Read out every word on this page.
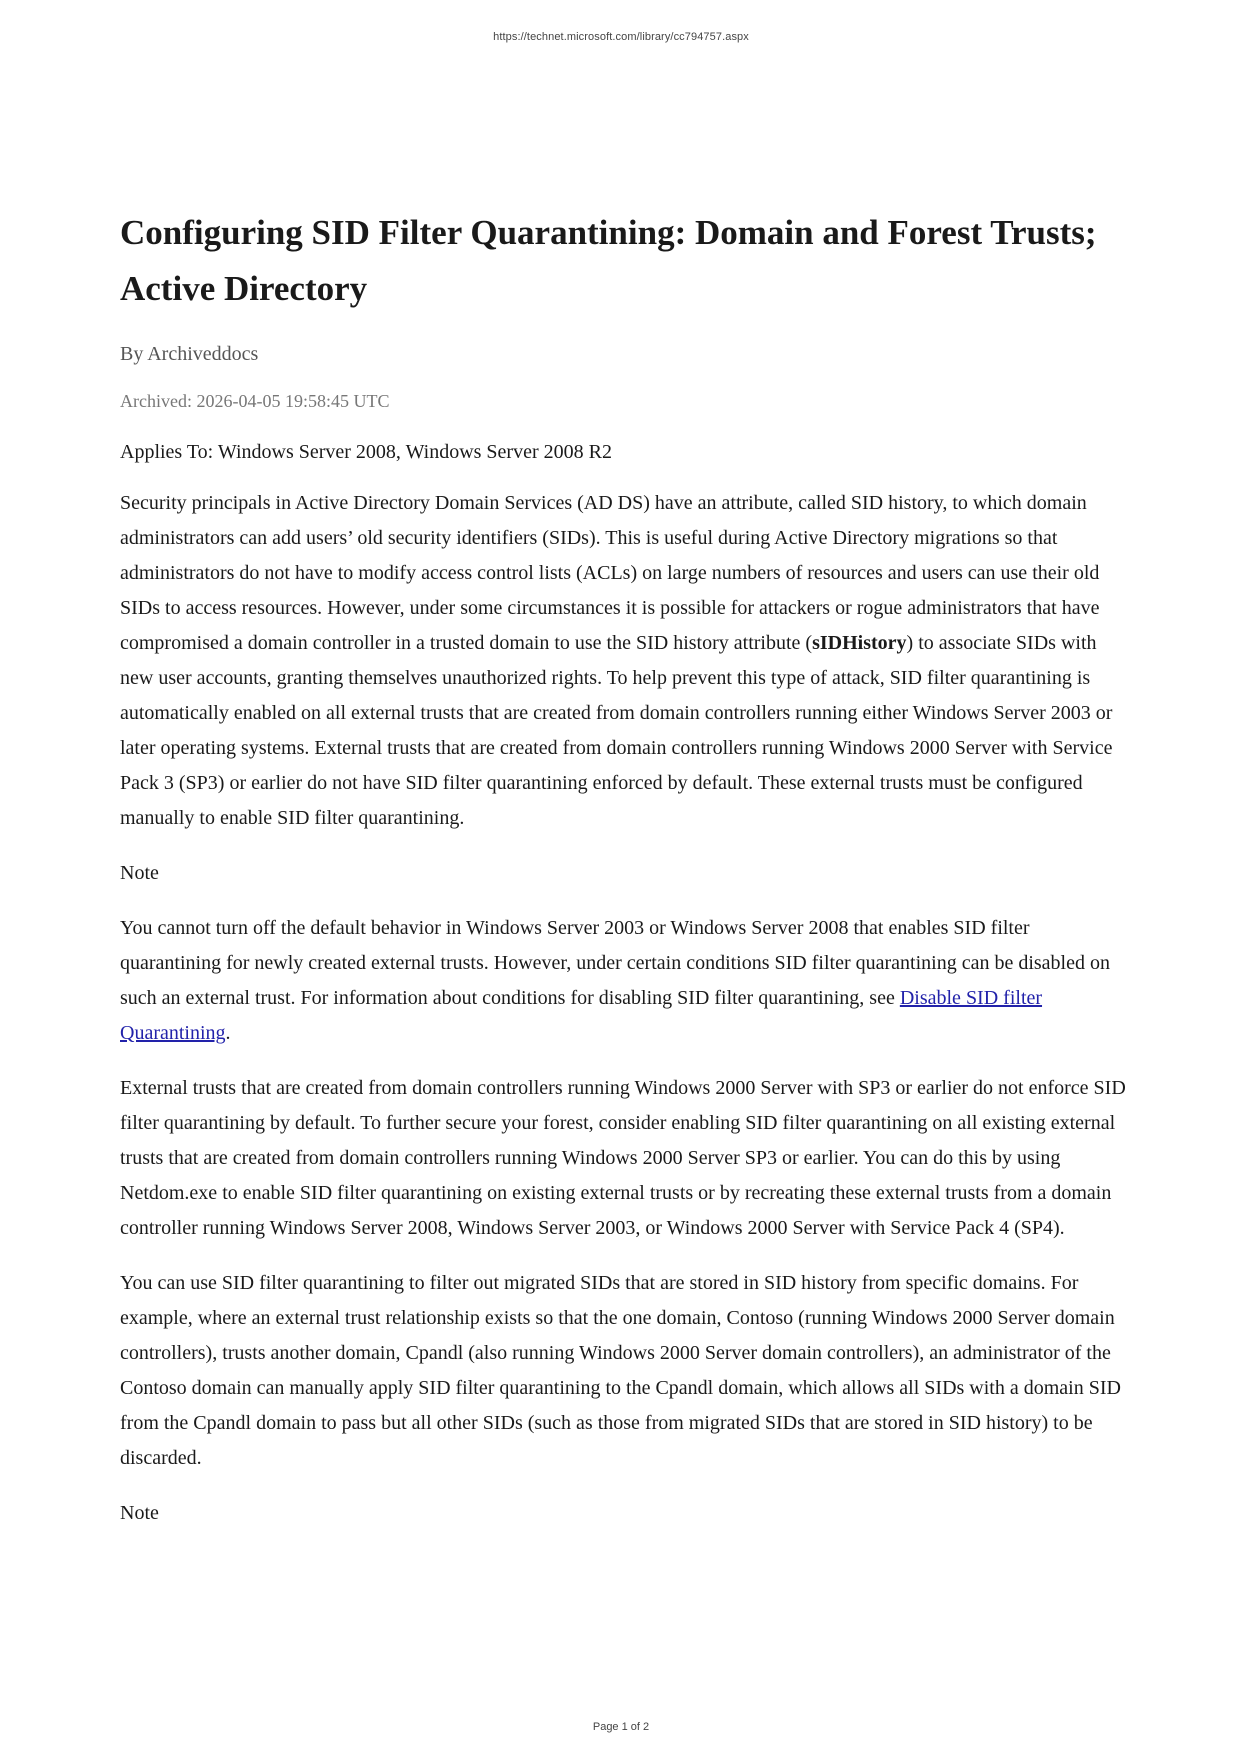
https://technet.microsoft.com/library/cc794757.aspx
Configuring SID Filter Quarantining: Domain and Forest Trusts; Active Directory
By Archiveddocs
Archived: 2026-04-05 19:58:45 UTC
Applies To: Windows Server 2008, Windows Server 2008 R2

Security principals in Active Directory Domain Services (AD DS) have an attribute, called SID history, to which domain administrators can add users’ old security identifiers (SIDs). This is useful during Active Directory migrations so that administrators do not have to modify access control lists (ACLs) on large numbers of resources and users can use their old SIDs to access resources. However, under some circumstances it is possible for attackers or rogue administrators that have compromised a domain controller in a trusted domain to use the SID history attribute (sIDHistory) to associate SIDs with new user accounts, granting themselves unauthorized rights. To help prevent this type of attack, SID filter quarantining is automatically enabled on all external trusts that are created from domain controllers running either Windows Server 2003 or later operating systems. External trusts that are created from domain controllers running Windows 2000 Server with Service Pack 3 (SP3) or earlier do not have SID filter quarantining enforced by default. These external trusts must be configured manually to enable SID filter quarantining.

Note

You cannot turn off the default behavior in Windows Server 2003 or Windows Server 2008 that enables SID filter quarantining for newly created external trusts. However, under certain conditions SID filter quarantining can be disabled on such an external trust. For information about conditions for disabling SID filter quarantining, see Disable SID filter Quarantining.

External trusts that are created from domain controllers running Windows 2000 Server with SP3 or earlier do not enforce SID filter quarantining by default. To further secure your forest, consider enabling SID filter quarantining on all existing external trusts that are created from domain controllers running Windows 2000 Server SP3 or earlier. You can do this by using Netdom.exe to enable SID filter quarantining on existing external trusts or by recreating these external trusts from a domain controller running Windows Server 2008, Windows Server 2003, or Windows 2000 Server with Service Pack 4 (SP4).

You can use SID filter quarantining to filter out migrated SIDs that are stored in SID history from specific domains. For example, where an external trust relationship exists so that the one domain, Contoso (running Windows 2000 Server domain controllers), trusts another domain, Cpandl (also running Windows 2000 Server domain controllers), an administrator of the Contoso domain can manually apply SID filter quarantining to the Cpandl domain, which allows all SIDs with a domain SID from the Cpandl domain to pass but all other SIDs (such as those from migrated SIDs that are stored in SID history) to be discarded.

Note

Page 1 of 2
